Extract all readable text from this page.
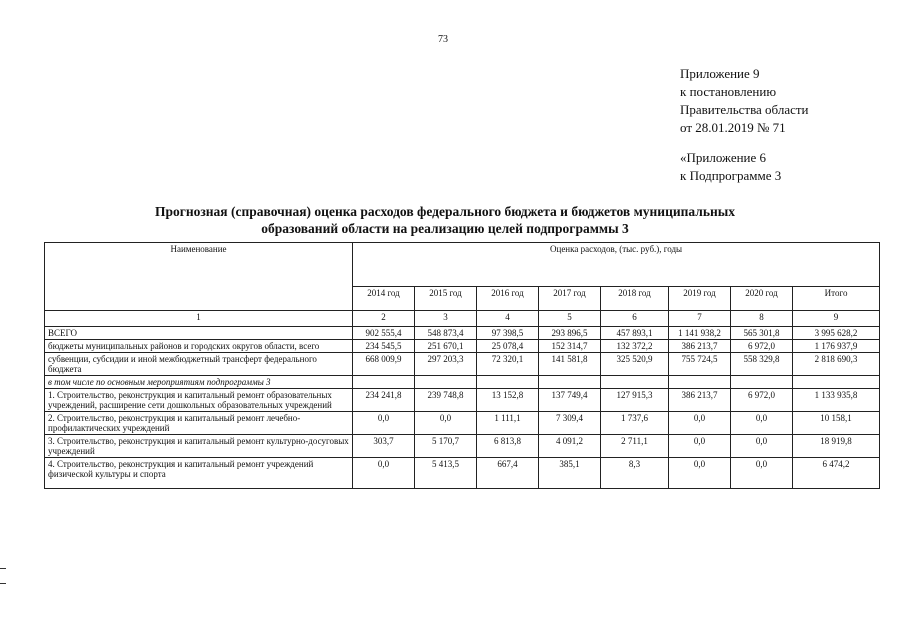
73
Приложение 9
к постановлению
Правительства области
от 28.01.2019 № 71
«Приложение 6
к Подпрограмме 3
Прогнозная (справочная) оценка расходов федерального бюджета и бюджетов муниципальных
образований области на реализацию целей подпрограммы 3
Наименование	Оценка расходов, (тыс. руб.), годы							
	2014 год	2015 год	2016 год	2017 год	2018 год	2019 год	2020 год	Итого
1	2	3	4	5	6	7	8	9
ВСЕГО	902 555,4	548 873,4	97 398,5	293 896,5	457 893,1	1 141 938,2	565 301,8	3 995 628,2
бюджеты муниципальных районов и городских округов области, всего	234 545,5	251 670,1	25 078,4	152 314,7	132 372,2	386 213,7	6 972,0	1 176 937,9
субвенции, субсидии и иной межбюджетный трансферт федерального бюджета	668 009,9	297 203,3	72 320,1	141 581,8	325 520,9	755 724,5	558 329,8	2 818 690,3
в том числе по основным мероприятиям подпрограммы 3								
1. Строительство, реконструкция и капитальный ремонт образовательных учреждений, расширение сети дошкольных образовательных учреждений	234 241,8	239 748,8	13 152,8	137 749,4	127 915,3	386 213,7	6 972,0	1 133 935,8
2. Строительство, реконструкция и капитальный ремонт лечебно-профилактических учреждений	0,0	0,0	1 111,1	7 309,4	1 737,6	0,0	0,0	10 158,1
3. Строительство, реконструкция и капитальный ремонт культурно-досуговых учреждений	303,7	5 170,7	6 813,8	4 091,2	2 711,1	0,0	0,0	18 919,8
4. Строительство, реконструкция и капитальный ремонт учреждений физической культуры и спорта	0,0	5 413,5	667,4	385,1	8,3	0,0	0,0	6 474,2
